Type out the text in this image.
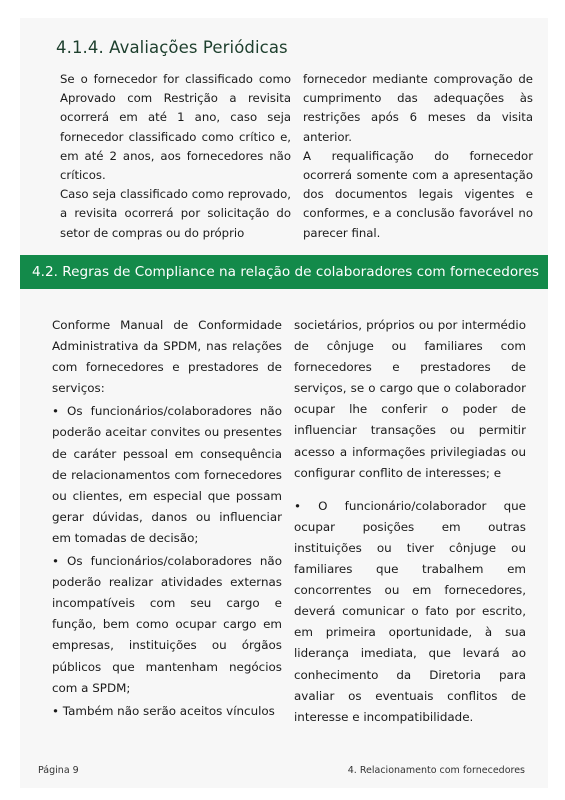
4.1.4. Avaliações Periódicas

Se o fornecedor for classificado como Aprovado com Restrição a revisita ocorrerá em até 1 ano, caso seja fornecedor classificado como crítico e, em até 2 anos, aos fornecedores não críticos.

Caso seja classificado como reprovado, a revisita ocorrerá por solicitação do setor de compras ou do próprio

fornecedor mediante comprovação de cumprimento das adequações às restrições após 6 meses da visita anterior.

A requalificação do fornecedor ocorrerá somente com a apresentação dos documentos legais vigentes e conformes, e a conclusão favorável no parecer final.

4.2. Regras de Compliance na relação de colaboradores com fornecedores

Conforme Manual de Conformidade Administrativa da SPDM, nas relações com fornecedores e prestadores de serviços:

• Os funcionários/colaboradores não poderão aceitar convites ou presentes de caráter pessoal em consequência de relacionamentos com fornecedores ou clientes, em especial que possam gerar dúvidas, danos ou influenciar em tomadas de decisão;

• Os funcionários/colaboradores não poderão realizar atividades externas incompatíveis com seu cargo e função, bem como ocupar cargo em empresas, instituições ou órgãos públicos que mantenham negócios com a SPDM;

• Também não serão aceitos vínculos

societários, próprios ou por intermédio de cônjuge ou familiares com fornecedores e prestadores de serviços, se o cargo que o colaborador ocupar lhe conferir o poder de influenciar transações ou permitir acesso a informações privilegiadas ou configurar conflito de interesses; e

• O funcionário/colaborador que ocupar posições em outras instituições ou tiver cônjuge ou familiares que trabalhem em concorrentes ou em fornecedores, deverá comunicar o fato por escrito, em primeira oportunidade, à sua liderança imediata, que levará ao conhecimento da Diretoria para avaliar os eventuais conflitos de interesse e incompatibilidade.

Página 9	4. Relacionamento com fornecedores
